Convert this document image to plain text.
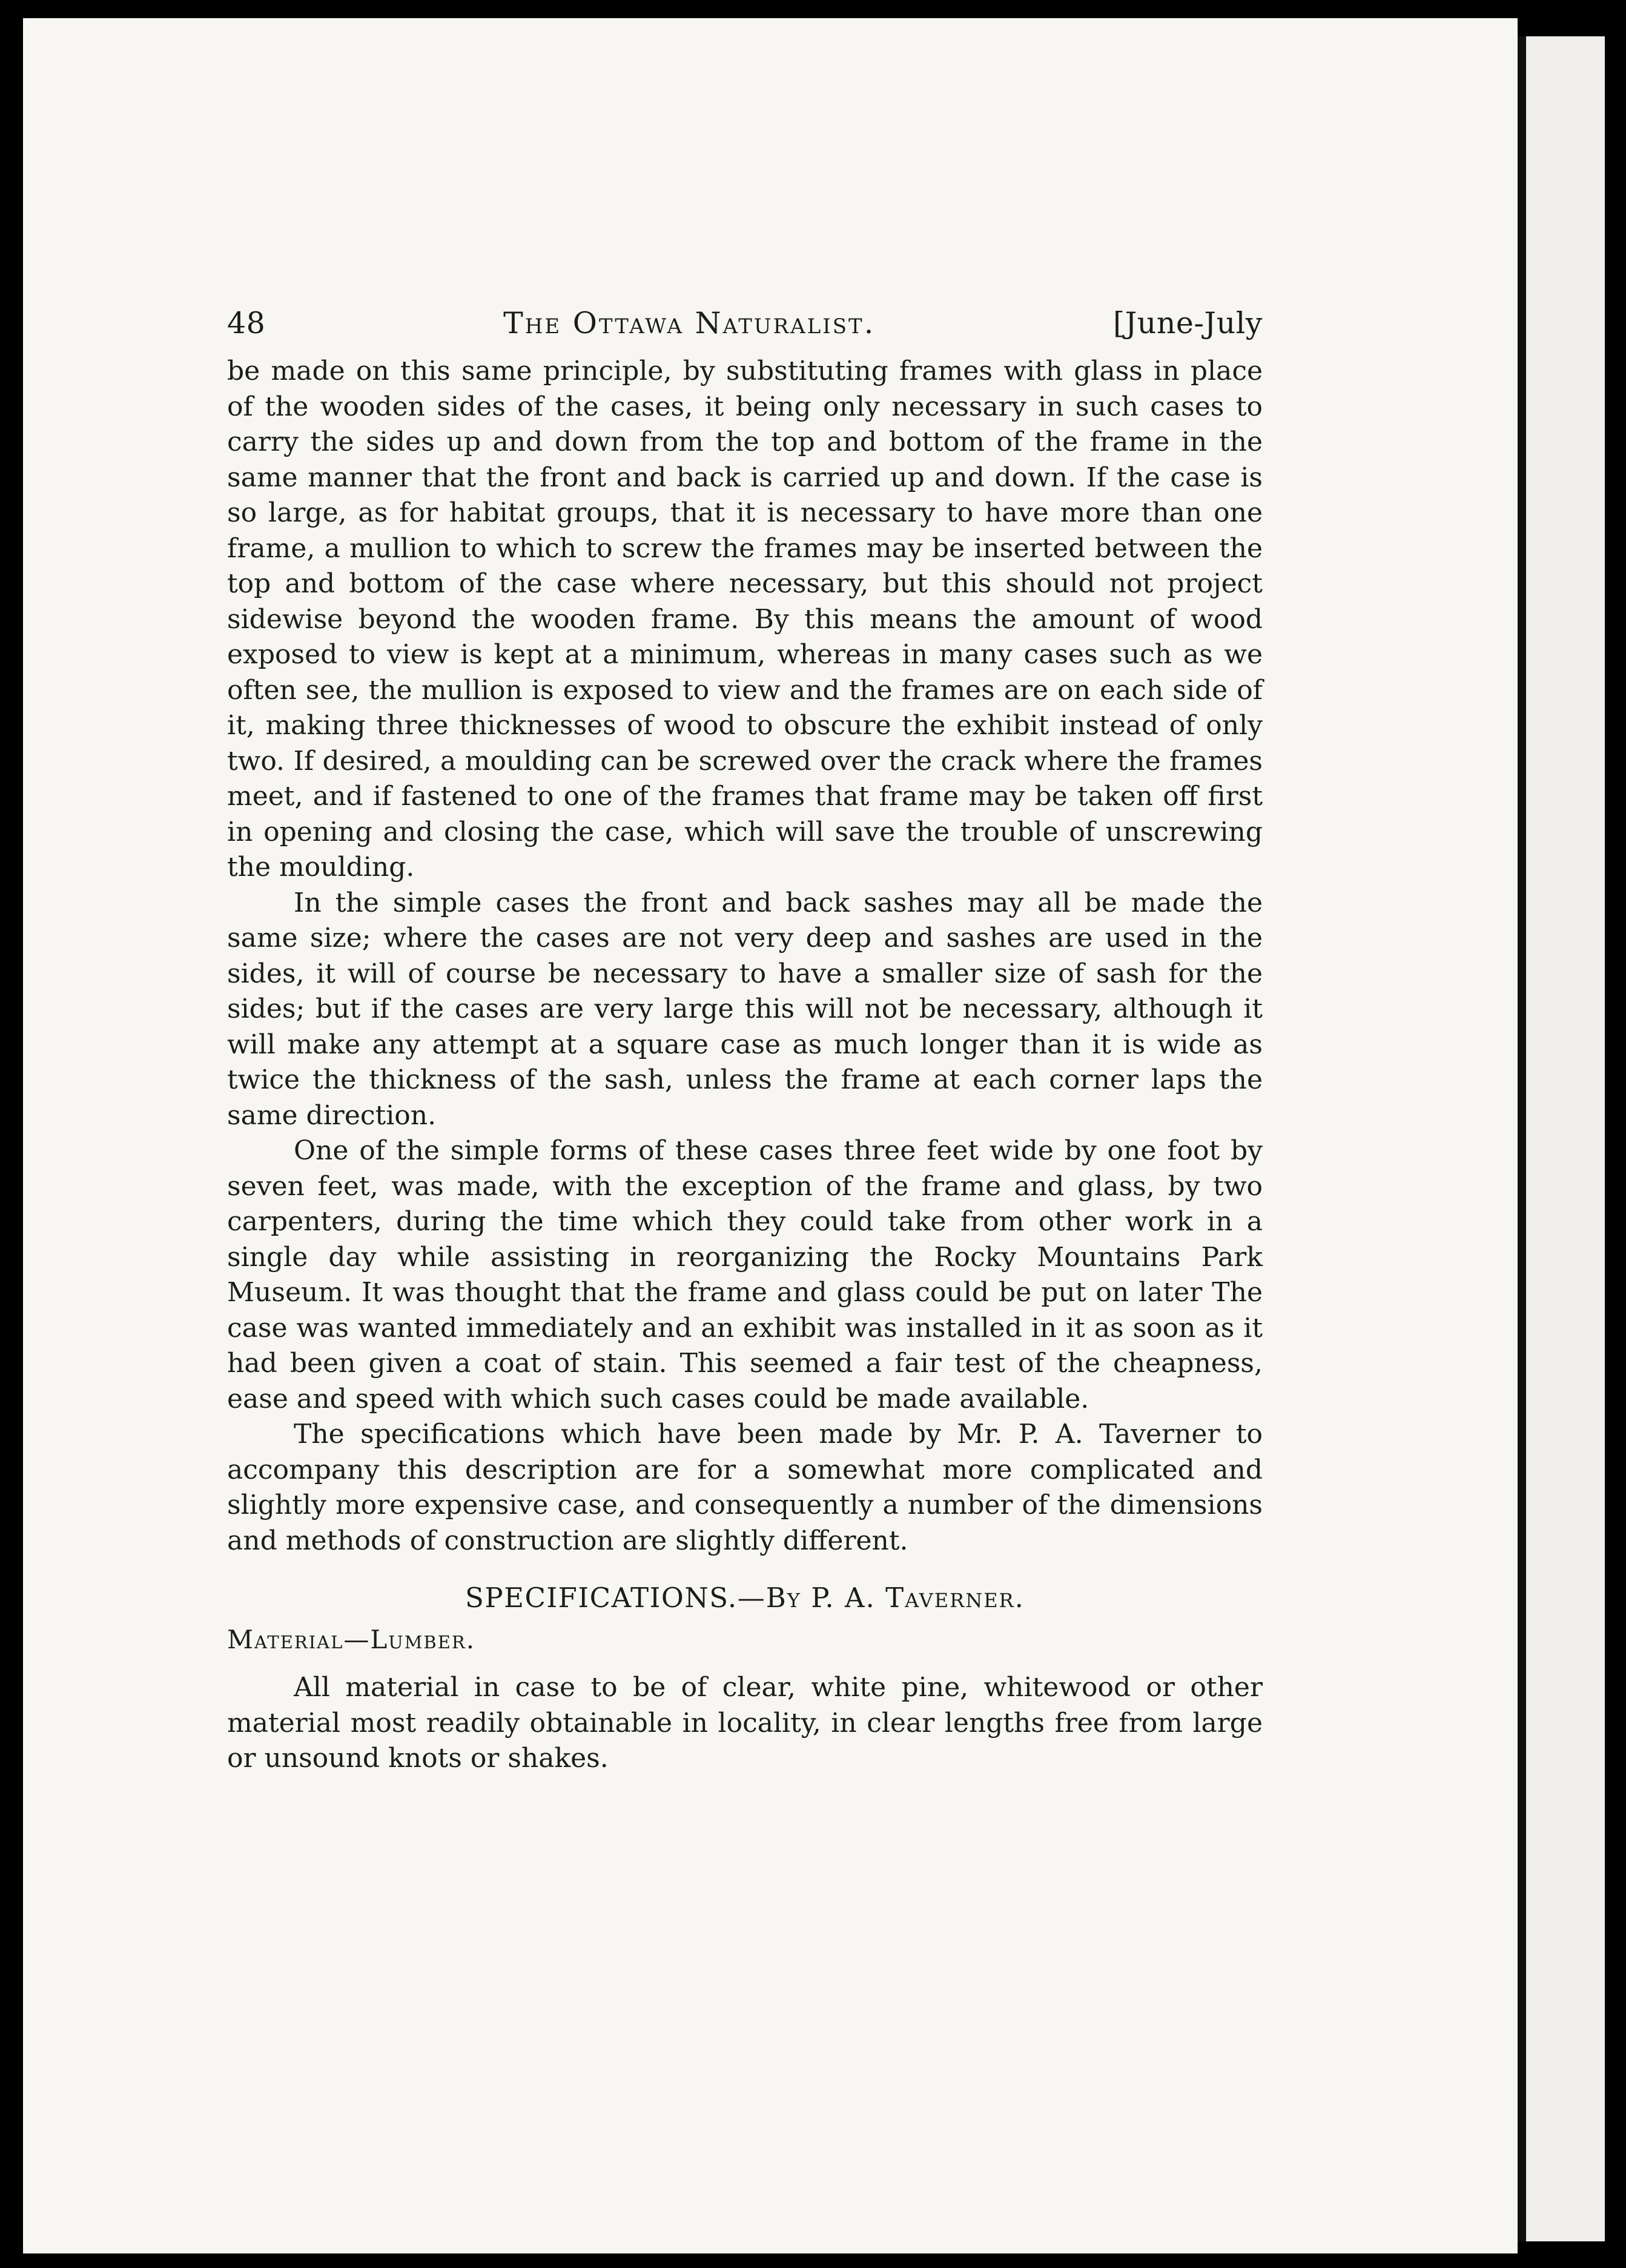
48	The Ottawa Naturalist.	[June-July

be made on this same principle, by substituting frames with glass in place of the wooden sides of the cases, it being only necessary in such cases to carry the sides up and down from the top and bottom of the frame in the same manner that the front and back is carried up and down. If the case is so large, as for habitat groups, that it is necessary to have more than one frame, a mullion to which to screw the frames may be inserted between the top and bottom of the case where necessary, but this should not project sidewise beyond the wooden frame. By this means the amount of wood exposed to view is kept at a minimum, whereas in many cases such as we often see, the mullion is exposed to view and the frames are on each side of it, making three thicknesses of wood to obscure the exhibit instead of only two. If desired, a moulding can be screwed over the crack where the frames meet, and if fastened to one of the frames that frame may be taken off first in opening and closing the case, which will save the trouble of unscrewing the moulding.

In the simple cases the front and back sashes may all be made the same size; where the cases are not very deep and sashes are used in the sides, it will of course be necessary to have a smaller size of sash for the sides; but if the cases are very large this will not be necessary, although it will make any attempt at a square case as much longer than it is wide as twice the thickness of the sash, unless the frame at each corner laps the same direction.

One of the simple forms of these cases three feet wide by one foot by seven feet, was made, with the exception of the frame and glass, by two carpenters, during the time which they could take from other work in a single day while assisting in reorganizing the Rocky Mountains Park Museum. It was thought that the frame and glass could be put on later The case was wanted immediately and an exhibit was installed in it as soon as it had been given a coat of stain. This seemed a fair test of the cheapness, ease and speed with which such cases could be made available.

The specifications which have been made by Mr. P. A. Taverner to accompany this description are for a somewhat more complicated and slightly more expensive case, and consequently a number of the dimensions and methods of construction are slightly different.

SPECIFICATIONS.—By P. A. Taverner.
Material—Lumber.

All material in case to be of clear, white pine, whitewood or other material most readily obtainable in locality, in clear lengths free from large or unsound knots or shakes.
